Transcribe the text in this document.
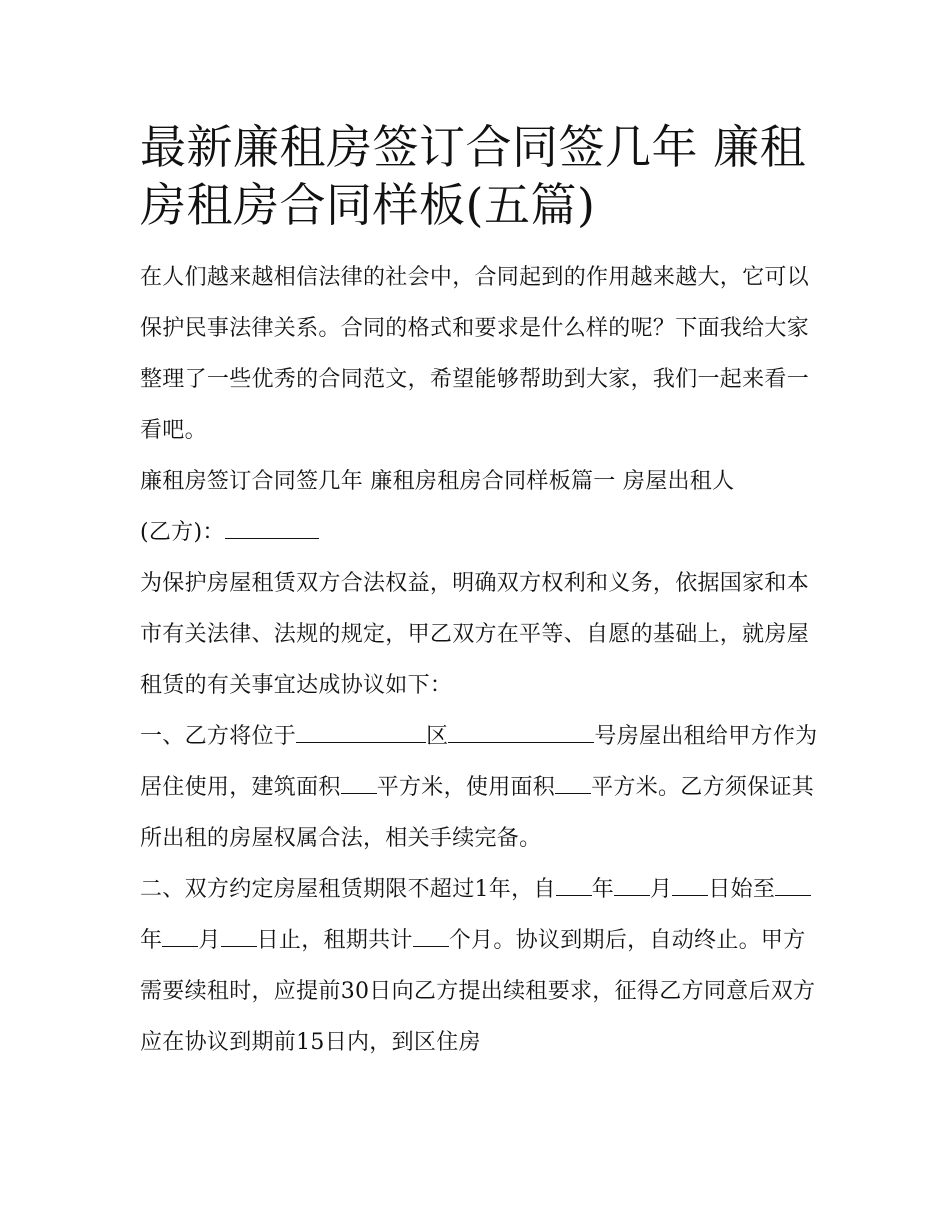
最新廉租房签订合同签几年 廉租房租房合同样板(五篇)

在人们越来越相信法律的社会中，合同起到的作用越来越大，它可以保护民事法律关系。合同的格式和要求是什么样的呢？下面我给大家整理了一些优秀的合同范文，希望能够帮助到大家，我们一起来看一看吧。

廉租房签订合同签几年 廉租房租房合同样板篇一 房屋出租人
(乙方)：

为保护房屋租赁双方合法权益，明确双方权利和义务，依据国家和本市有关法律、法规的规定，甲乙双方在平等、自愿的基础上，就房屋租赁的有关事宜达成协议如下：

一、乙方将位于	区	号房屋出租给甲方作为居住使用，建筑面积 平方米，使用面积 平方米。乙方须保证其所出租的房屋权属合法，相关手续完备。

二、双方约定房屋租赁期限不超过1年，自 年 月 日始至年 月 日止，租期共计 个月。协议到期后，自动终止。甲方需要续租时，应提前30日向乙方提出续租要求，征得乙方同意后双方应在协议到期前15日内，到区住房
